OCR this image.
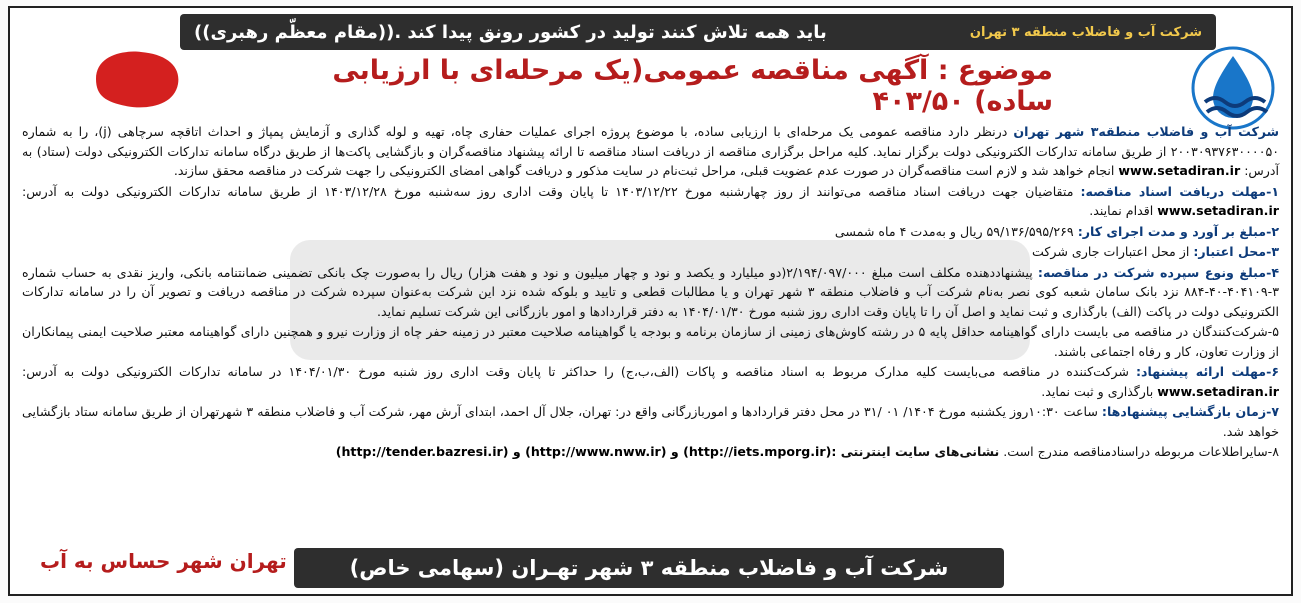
شرکت آب و فاضلاب منطقه ۳ تهران
باید همه تلاش کنند تولید در کشور رونق پیدا کند .((مقام معظّم رهبری))
موضوع : آگهی مناقصه عمومی(یک مرحله‌ای با ارزیابی ساده) ۴۰۳/۵۰

شرکت آب و فاضلاب منطقه۳ شهر تهران درنظر دارد مناقصه عمومی یک مرحله‌ای با ارزیابی ساده، با موضوع پروژه اجرای عملیات حفاری چاه، تهیه و لوله گذاری و آزمایش پمپاژ و احداث اتاقچه سرچاهی (j)، را به شماره ۲۰۰۳۰۹۳۷۶۳۰۰۰۰۵۰ از طریق سامانه تدارکات الکترونیکی دولت برگزار نماید. کلیه مراحل برگزاری مناقصه از دریافت اسناد مناقصه تا ارائه پیشنهاد مناقصه‌گران و بازگشایی پاکت‌ها از طریق درگاه سامانه تدارکات الکترونیکی دولت (ستاد) به آدرس: www.setadiran.ir انجام خواهد شد و لازم است مناقصه‌گران در صورت عدم عضویت قبلی، مراحل ثبت‌نام در سایت مذکور و دریافت گواهی امضای الکترونیکی را جهت شرکت در مناقصه محقق سازند.

۱-مهلت دریافت اسناد مناقصه: متقاضیان جهت دریافت اسناد مناقصه می‌توانند از روز چهارشنبه مورخ ۱۴۰۳/۱۲/۲۲ تا پایان وقت اداری روز سه‌شنبه مورخ ۱۴۰۳/۱۲/۲۸ از طریق سامانه تدارکات الکترونیکی دولت به آدرس: www.setadiran.ir اقدام نمایند.

۲-مبلغ بر آورد و مدت اجرای کار: ۵۹/۱۳۶/۵۹۵/۲۶۹ ریال و به‌مدت ۴ ماه شمسی

۳-محل اعتبار: از محل اعتبارات جاری شرکت

۴-مبلغ ونوع سپرده شرکت در مناقصه: پیشنهاددهنده مکلف است مبلغ ۲/۱۹۴/۰۹۷/۰۰۰(دو میلیارد و یکصد و نود و چهار میلیون و نود و هفت هزار) ریال را به‌صورت چک بانکی تضمینی ضمانتنامه بانکی، واریز نقدی به حساب شماره ۳-۴۰۴۱۰۹-۴۰-۸۸۴ نزد بانک سامان شعبه کوی نصر به‌نام شرکت آب و فاضلاب منطقه ۳ شهر تهران و یا مطالبات قطعی و تایید و بلوکه شده نزد این شرکت به‌عنوان سپرده شرکت در مناقصه دریافت و تصویر آن را در سامانه تدارکات الکترونیکی دولت در پاکت (الف) بارگذاری و ثبت نماید و اصل آن را تا پایان وقت اداری روز شنبه مورخ ۱۴۰۴/۰۱/۳۰ به دفتر قراردادها و امور بازرگانی این شرکت تسلیم نماید.

۵-شرکت‌کنندگان در مناقصه می بایست دارای گواهینامه حداقل پایه ۵ در رشته کاوش‌های زمینی از سازمان برنامه و بودجه یا گواهینامه صلاحیت معتبر در زمینه حفر چاه از وزارت نیرو و همچنین دارای گواهینامه معتبر صلاحیت ایمنی پیمانکاران از وزارت تعاون، کار و رفاه اجتماعی باشند.

۶-مهلت ارائه پیشنهاد: شرکت‌کننده در مناقصه می‌بایست کلیه مدارک مربوط به اسناد مناقصه و پاکات (الف،ب،ج) را حداکثر تا پایان وقت اداری روز شنبه مورخ ۱۴۰۴/۰۱/۳۰ در سامانه تدارکات الکترونیکی دولت به آدرس: www.setadiran.ir بارگذاری و ثبت نماید.

۷-زمان بازگشایی پیشنهادها: ساعت ۱۰:۳۰روز یکشنبه مورخ ۱۴۰۴/ ۰۱ /۳۱ در محل دفتر قراردادها و اموربازرگانی واقع در: تهران، جلال آل احمد، ابتدای آرش مهر، شرکت آب و فاضلاب منطقه ۳ شهرتهران از طریق سامانه ستاد بازگشایی خواهد شد.

۸-سایراطلاعات مربوطه دراسنادمناقصه مندرج است. نشانی‌های سایت اینترنتی :(http://iets.mporg.ir) و (http://www.nww.ir) و (http://tender.bazresi.ir)

شرکت آب و فاضلاب منطقه ۳ شهر تهـران (سهامی خاص)
تهران شهر حساس به آب
